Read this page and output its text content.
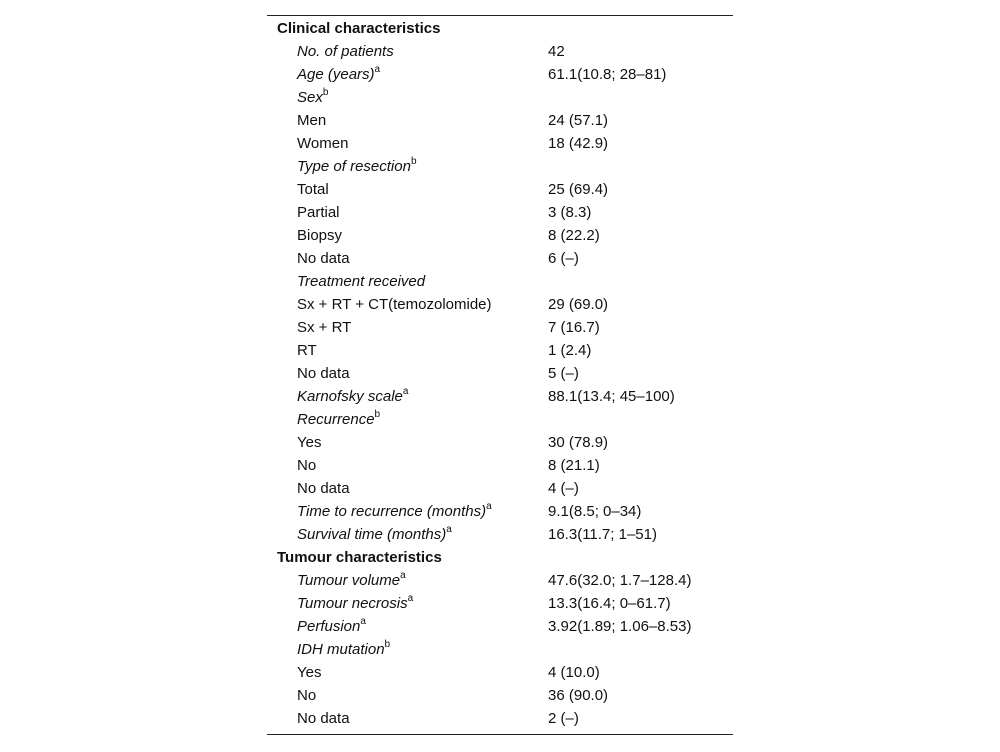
Clinical characteristics
No. of patients	42
Age (years)$^a$	61.1(10.8; 28–81)
Sex$^b$
Men	24 (57.1)
Women	18 (42.9)
Type of resection$^b$
Total	25 (69.4)
Partial	3 (8.3)
Biopsy	8 (22.2)
No data	6 (–)
Treatment received
Sx + RT + CT(temozolomide)	29 (69.0)
Sx + RT	7 (16.7)
RT	1 (2.4)
No data	5 (–)
Karnofsky scale$^a$	88.1(13.4; 45–100)
Recurrence$^b$
Yes	30 (78.9)
No	8 (21.1)
No data	4 (–)
Time to recurrence (months)$^a$	9.1(8.5; 0–34)
Survival time (months)$^a$	16.3(11.7; 1–51)
Tumour characteristics
Tumour volume$^a$	47.6(32.0; 1.7–128.4)
Tumour necrosis$^a$	13.3(16.4; 0–61.7)
Perfusion$^a$	3.92(1.89; 1.06–8.53)
IDH mutation$^b$
Yes	4 (10.0)
No	36 (90.0)
No data	2 (–)
